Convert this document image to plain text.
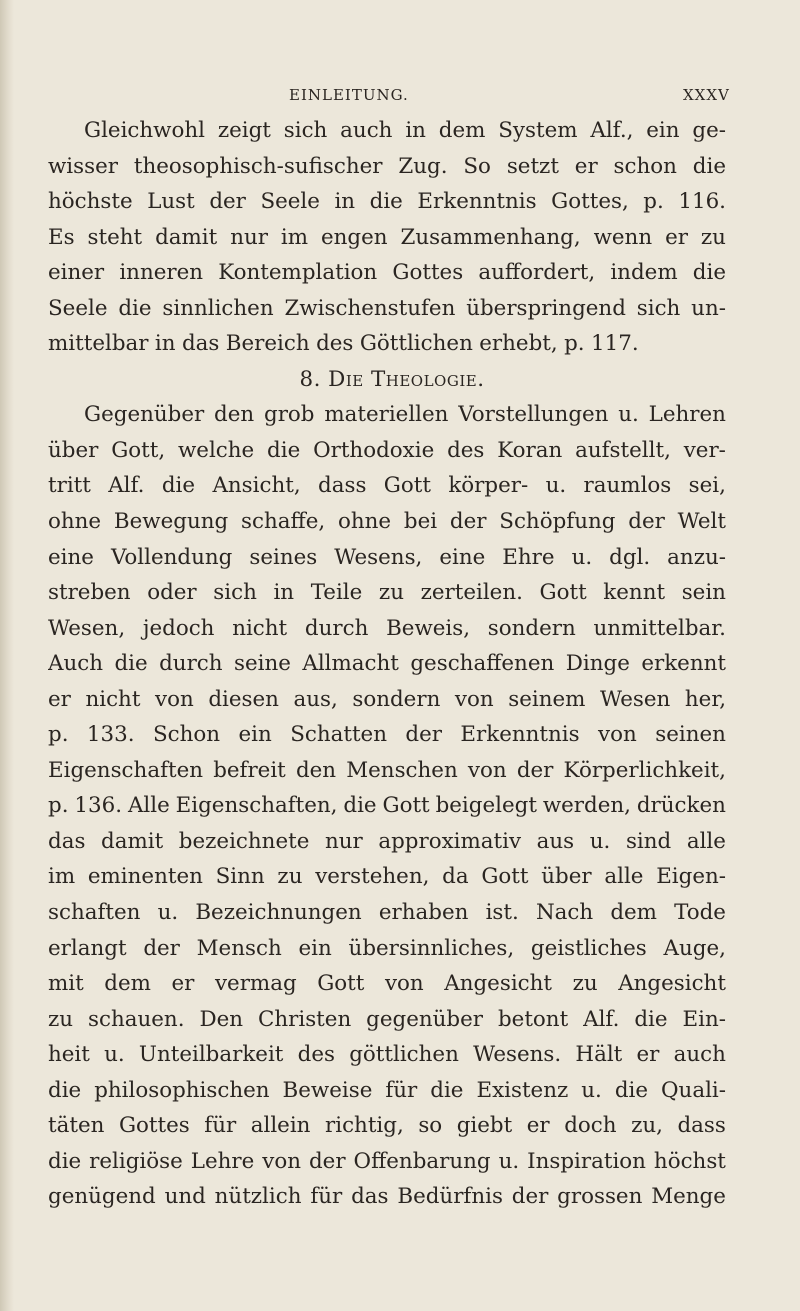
EINLEITUNG.	XXXV
Gleichwohl zeigt sich auch in dem System Alf., ein ge-
wisser theosophisch-sufischer Zug. So setzt er schon die
höchste Lust der Seele in die Erkenntnis Gottes, p. 116.
Es steht damit nur im engen Zusammenhang, wenn er zu
einer inneren Kontemplation Gottes auffordert, indem die
Seele die sinnlichen Zwischenstufen überspringend sich un-
mittelbar in das Bereich des Göttlichen erhebt, p. 117.
8. Die Theologie.
Gegenüber den grob materiellen Vorstellungen u. Lehren
über Gott, welche die Orthodoxie des Koran aufstellt, ver-
tritt Alf. die Ansicht, dass Gott körper- u. raumlos sei,
ohne Bewegung schaffe, ohne bei der Schöpfung der Welt
eine Vollendung seines Wesens, eine Ehre u. dgl. anzu-
streben oder sich in Teile zu zerteilen. Gott kennt sein
Wesen, jedoch nicht durch Beweis, sondern unmittelbar.
Auch die durch seine Allmacht geschaffenen Dinge erkennt
er nicht von diesen aus, sondern von seinem Wesen her,
p. 133. Schon ein Schatten der Erkenntnis von seinen
Eigenschaften befreit den Menschen von der Körperlichkeit,
p. 136. Alle Eigenschaften, die Gott beigelegt werden, drücken
das damit bezeichnete nur approximativ aus u. sind alle
im eminenten Sinn zu verstehen, da Gott über alle Eigen-
schaften u. Bezeichnungen erhaben ist. Nach dem Tode
erlangt der Mensch ein übersinnliches, geistliches Auge,
mit dem er vermag Gott von Angesicht zu Angesicht
zu schauen. Den Christen gegenüber betont Alf. die Ein-
heit u. Unteilbarkeit des göttlichen Wesens. Hält er auch
die philosophischen Beweise für die Existenz u. die Quali-
täten Gottes für allein richtig, so giebt er doch zu, dass
die religiöse Lehre von der Offenbarung u. Inspiration höchst
genügend und nützlich für das Bedürfnis der grossen Menge
